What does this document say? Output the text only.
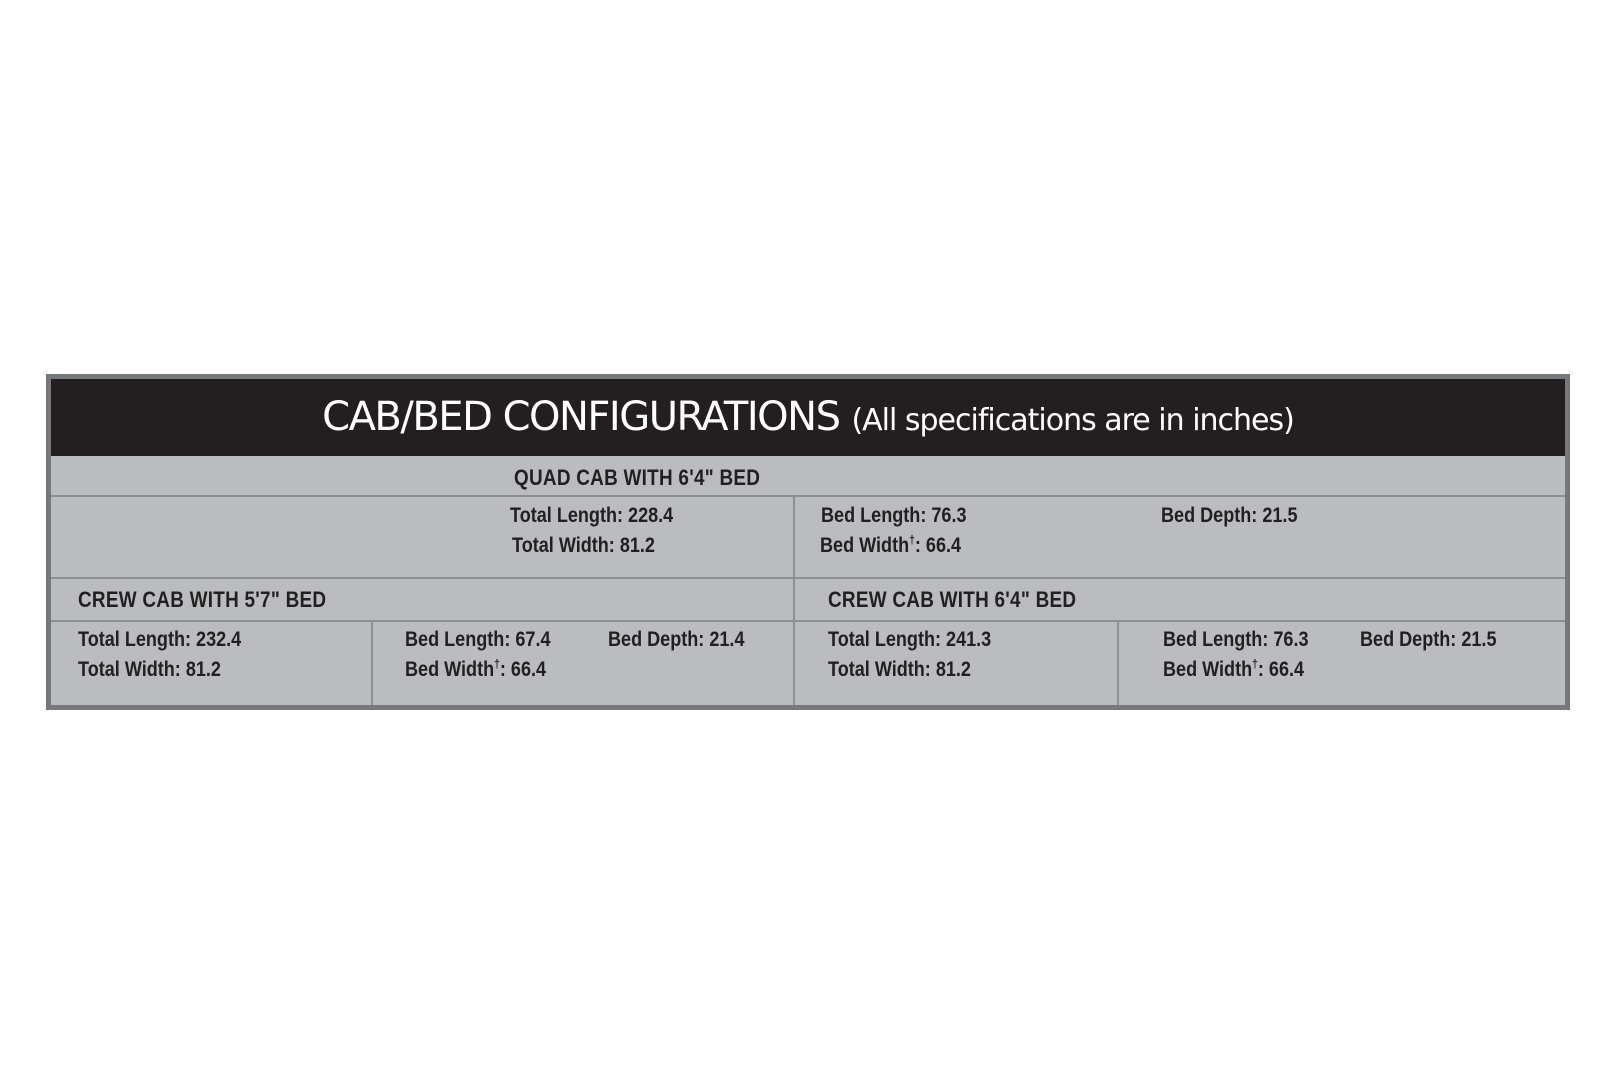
CAB/BED CONFIGURATIONS (All specifications are in inches)
QUAD CAB WITH 6'4" BED
Total Length: 228.4
Total Width: 81.2
Bed Length: 76.3
Bed Width†: 66.4
Bed Depth: 21.5
CREW CAB WITH 5'7" BED	CREW CAB WITH 6'4" BED
Total Length: 232.4
Total Width: 81.2
Bed Length: 67.4
Bed Width†: 66.4
Bed Depth: 21.4	Total Length: 241.3
Total Width: 81.2
Bed Length: 76.3
Bed Width†: 66.4
Bed Depth: 21.5
